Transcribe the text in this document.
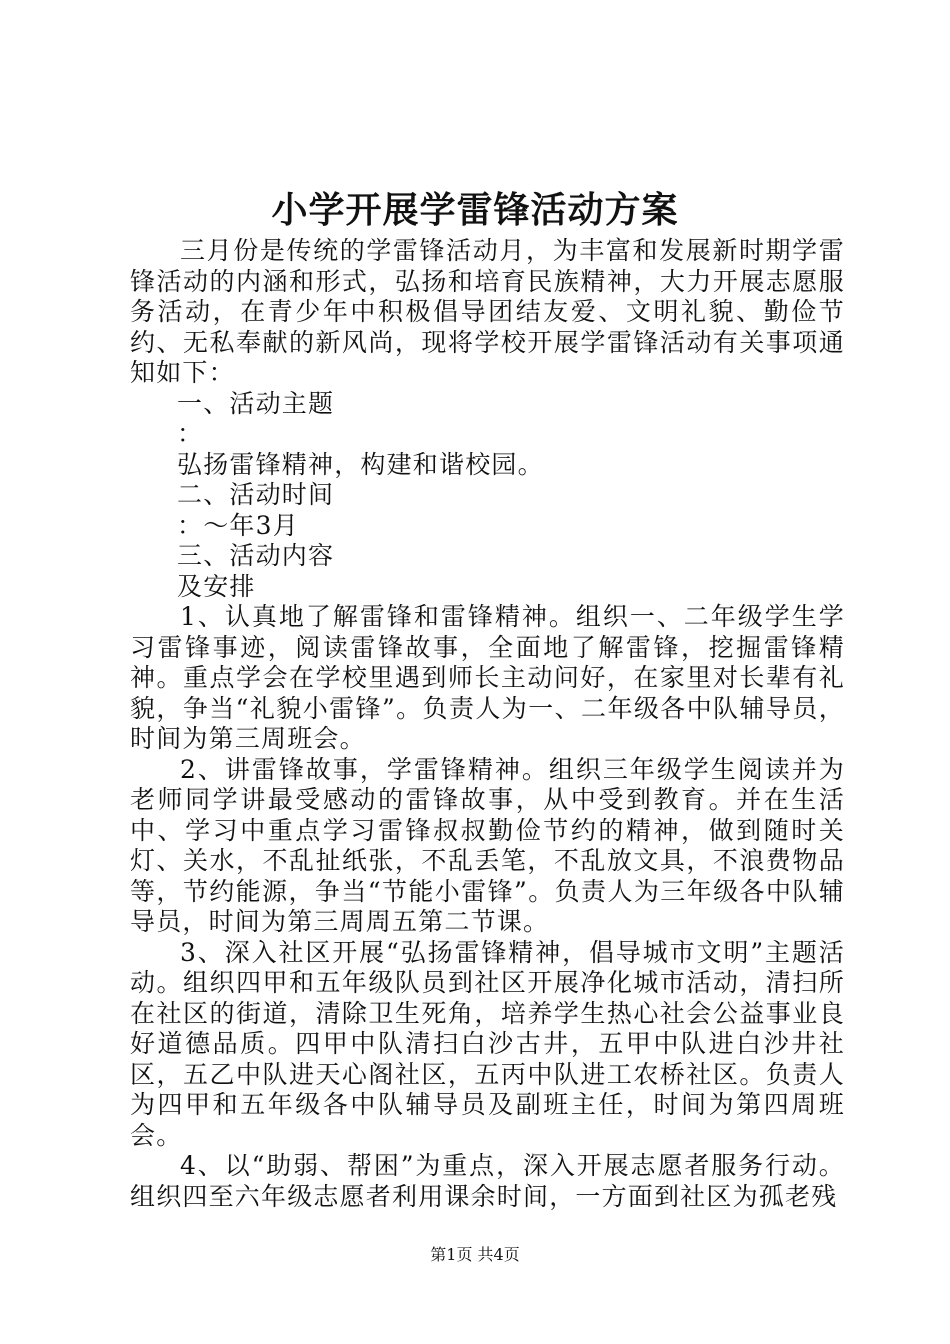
小学开展学雷锋活动方案

三月份是传统的学雷锋活动月，为丰富和发展新时期学雷锋活动的内涵和形式，弘扬和培育民族精神，大力开展志愿服务活动，在青少年中积极倡导团结友爱、文明礼貌、勤俭节约、无私奉献的新风尚，现将学校开展学雷锋活动有关事项通知如下：

一、活动主题

：

弘扬雷锋精神，构建和谐校园。

二、活动时间

：～年3月

三、活动内容

及安排

1、认真地了解雷锋和雷锋精神。组织一、二年级学生学习雷锋事迹，阅读雷锋故事，全面地了解雷锋，挖掘雷锋精神。重点学会在学校里遇到师长主动问好，在家里对长辈有礼貌，争当“礼貌小雷锋”。负责人为一、二年级各中队辅导员，时间为第三周班会。

2、讲雷锋故事，学雷锋精神。组织三年级学生阅读并为老师同学讲最受感动的雷锋故事，从中受到教育。并在生活中、学习中重点学习雷锋叔叔勤俭节约的精神，做到随时关灯、关水，不乱扯纸张，不乱丢笔，不乱放文具，不浪费物品等，节约能源，争当“节能小雷锋”。负责人为三年级各中队辅导员，时间为第三周周五第二节课。

3、深入社区开展“弘扬雷锋精神，倡导城市文明”主题活动。组织四甲和五年级队员到社区开展净化城市活动，清扫所在社区的街道，清除卫生死角，培养学生热心社会公益事业良好道德品质。四甲中队清扫白沙古井，五甲中队进白沙井社区，五乙中队进天心阁社区，五丙中队进工农桥社区。负责人为四甲和五年级各中队辅导员及副班主任，时间为第四周班会。

4、以“助弱、帮困”为重点，深入开展志愿者服务行动。组织四至六年级志愿者利用课余时间，一方面到社区为孤老残

第1页 共4页
